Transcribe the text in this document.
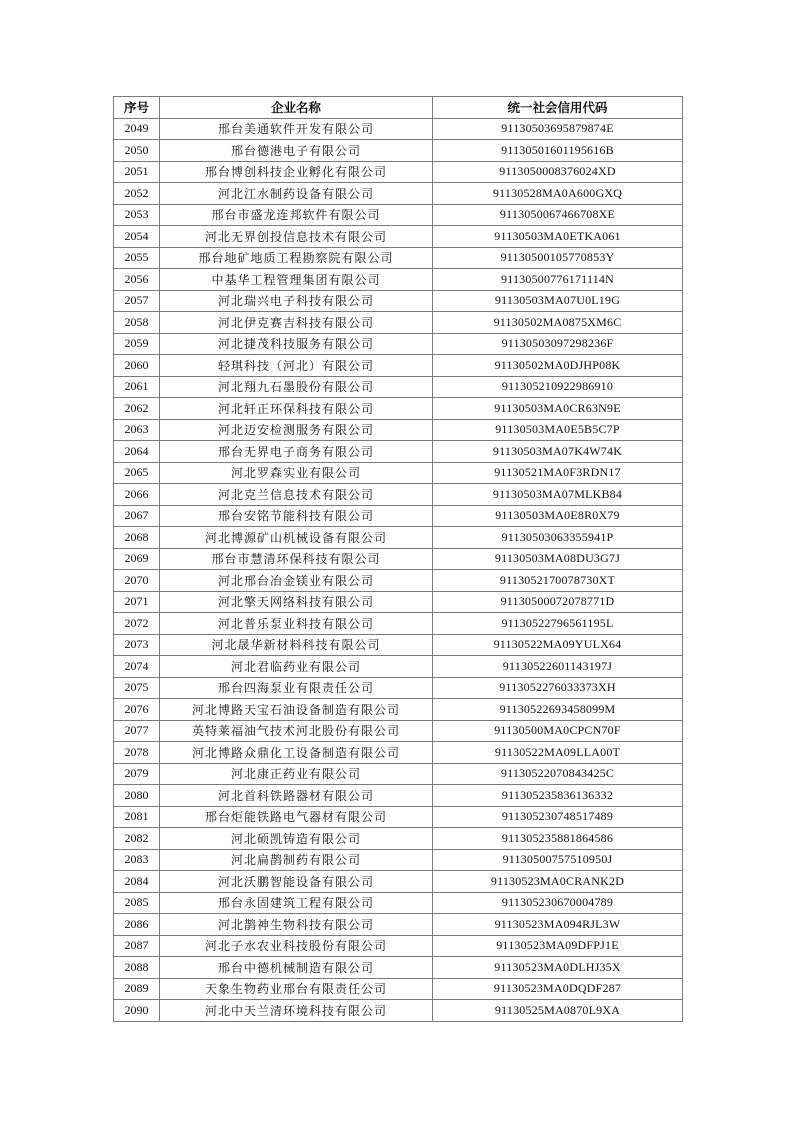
序号	企业名称	统一社会信用代码
2049	邢台美通软件开发有限公司	91130503695879874E
2050	邢台德港电子有限公司	91130501601195616B
2051	邢台博创科技企业孵化有限公司	9113050008376024XD
2052	河北江水制药设备有限公司	91130528MA0A600GXQ
2053	邢台市盛龙连邦软件有限公司	9113050067466708XE
2054	河北无界创投信息技术有限公司	91130503MA0ETKA061
2055	邢台地矿地质工程勘察院有限公司	91130500105770853Y
2056	中基华工程管理集团有限公司	91130500776171114N
2057	河北瑞兴电子科技有限公司	91130503MA07U0L19G
2058	河北伊克赛吉科技有限公司	91130502MA0875XM6C
2059	河北捷茂科技服务有限公司	91130503097298236F
2060	轻琪科技（河北）有限公司	91130502MA0DJHP08K
2061	河北翔九石墨股份有限公司	911305210922986910
2062	河北轩正环保科技有限公司	91130503MA0CR63N9E
2063	河北迈安检测服务有限公司	91130503MA0E5B5C7P
2064	邢台无界电子商务有限公司	91130503MA07K4W74K
2065	河北罗森实业有限公司	91130521MA0F3RDN17
2066	河北克兰信息技术有限公司	91130503MA07MLKB84
2067	邢台安铭节能科技有限公司	91130503MA0E8R0X79
2068	河北博源矿山机械设备有限公司	91130503063355941P
2069	邢台市慧清环保科技有限公司	91130503MA08DU3G7J
2070	河北邢台冶金镁业有限公司	9113052170078730XT
2071	河北擎天网络科技有限公司	91130500072078771D
2072	河北普乐泵业科技有限公司	91130522796561195L
2073	河北晟华新材料科技有限公司	91130522MA09YULX64
2074	河北君临药业有限公司	91130522601143197J
2075	邢台四海泵业有限责任公司	9113052276033373XH
2076	河北博路天宝石油设备制造有限公司	91130522693458099M
2077	英特莱福油气技术河北股份有限公司	91130500MA0CPCN70F
2078	河北博路众鼎化工设备制造有限公司	91130522MA09LLA00T
2079	河北康正药业有限公司	91130522070843425C
2080	河北首科铁路器材有限公司	911305235836136332
2081	邢台炬能铁路电气器材有限公司	911305230748517489
2082	河北硕凯铸造有限公司	911305235881864586
2083	河北扁鹊制药有限公司	91130500757510950J
2084	河北沃鹏智能设备有限公司	91130523MA0CRANK2D
2085	邢台永固建筑工程有限公司	911305230670004789
2086	河北鹊神生物科技有限公司	91130523MA094RJL3W
2087	河北子水农业科技股份有限公司	91130523MA09DFPJ1E
2088	邢台中德机械制造有限公司	91130523MA0DLHJ35X
2089	天象生物药业邢台有限责任公司	91130523MA0DQDF287
2090	河北中天兰清环境科技有限公司	91130525MA0870L9XA
